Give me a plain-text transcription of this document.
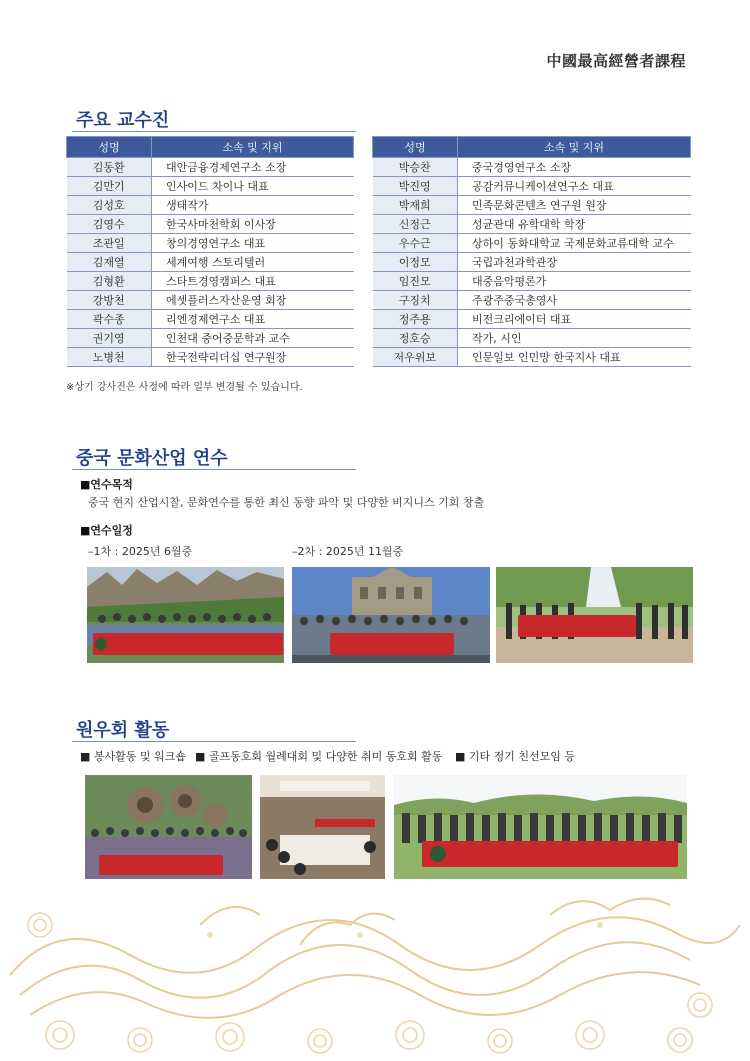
中國最高經營者課程
주요 교수진
성명	소속 및 지위
김동환	대안금융경제연구소 소장
김만기	인사이드 차이나 대표
김성호	생태작가
김영수	한국사마천학회 이사장
조관일	창의경영연구소 대표
김재열	세계여행 스토리텔러
김형환	스타트경영캠퍼스 대표
강방천	에셋플러스자산운영 회장
곽수종	리엔경제연구소 대표
권기영	인천대 중어중문학과 교수
노병천	한국전략리더십 연구원장
성명	소속 및 지위
박승찬	중국경영연구소 소장
박진영	공감커뮤니케이션연구소 대표
박재희	민족문화콘텐츠 연구원 원장
신정근	성균관대 유학대학 학장
우수근	상하이 동화대학교 국제문화교류대학 교수
이정모	국립과천과학관장
임진모	대중음악평론가
구징치	주광주중국총영사
정주용	비전크리에이터 대표
정호승	작가, 시인
저우위보	인문일보 인민망 한국지사 대표
※상기 강사진은 사정에 따라 일부 변경될 수 있습니다.
중국 문화산업 연수
■연수목적
중국 현지 산업시찰, 문화연수를 통한 최신 동향 파악 및 다양한 비지니스 기회 창출
■연수일정
–1차 : 2025년 6월중	–2차 : 2025년 11월중
원우회 활동
■ 봉사활동 및 워크숍 ■ 골프동호회 월례대회 및 다양한 취미 동호회 활동 ■ 기타 정기 친선모임 등
